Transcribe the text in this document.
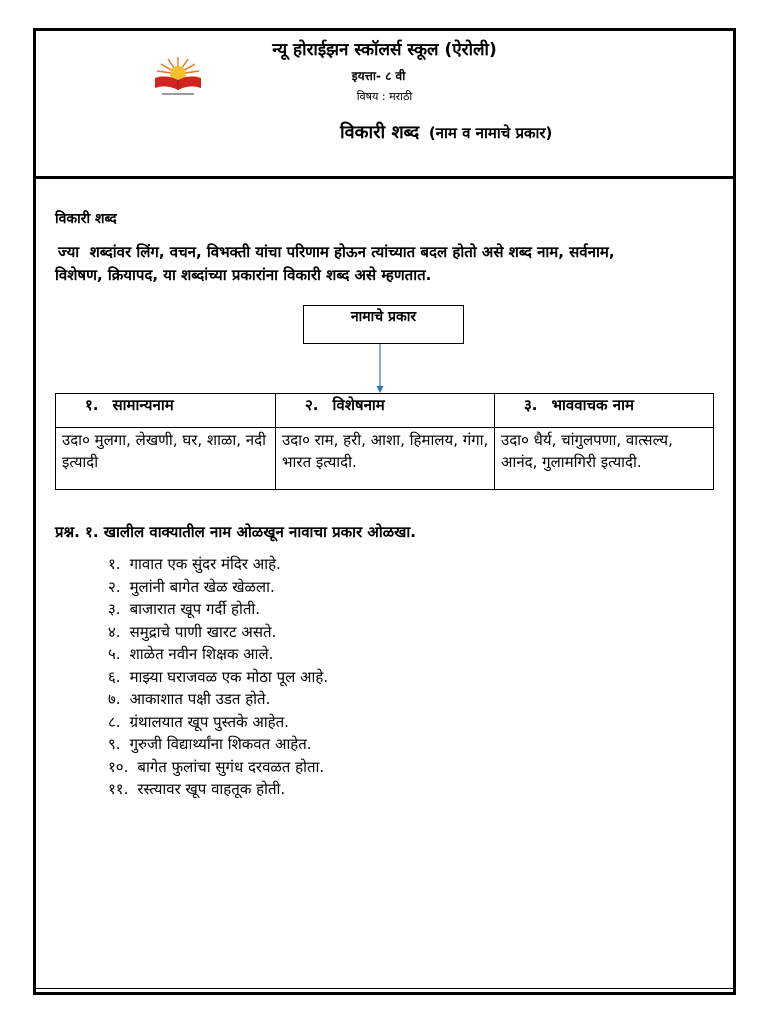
न्यू होराईझन स्कॉलर्स स्कूल (ऐरोली)
इयत्ता- ८ वी
विषय : मराठी
विकारी शब्द (नाम व नामाचे प्रकार)
विकारी शब्द
ज्या  शब्दांवर लिंग, वचन, विभक्ती यांचा परिणाम होऊन त्यांच्यात बदल होतो असे शब्द नाम, सर्वनाम,
विशेषण, क्रियापद, या शब्दांच्या प्रकारांना विकारी शब्द असे म्हणतात.
नामाचे प्रकार
१. सामान्यनाम	२. विशेषनाम	३. भाववाचक नाम
उदा० मुलगा, लेखणी, घर, शाळा, नदी इत्यादी	उदा० राम, हरी, आशा, हिमालय, गंगा, भारत इत्यादी.	उदा० धैर्य, चांगुलपणा, वात्सल्य, आनंद, गुलामगिरी इत्यादी.
प्रश्न. १. खालील वाक्यातील नाम ओळखून नावाचा प्रकार ओळखा.
१. गावात एक सुंदर मंदिर आहे.
२. मुलांनी बागेत खेळ खेळला.
३. बाजारात खूप गर्दी होती.
४. समुद्राचे पाणी खारट असते.
५. शाळेत नवीन शिक्षक आले.
६. माझ्या घराजवळ एक मोठा पूल आहे.
७. आकाशात पक्षी उडत होते.
८. ग्रंथालयात खूप पुस्तके आहेत.
९. गुरुजी विद्यार्थ्यांना शिकवत आहेत.
१०. बागेत फुलांचा सुगंध दरवळत होता.
११. रस्त्यावर खूप वाहतूक होती.
